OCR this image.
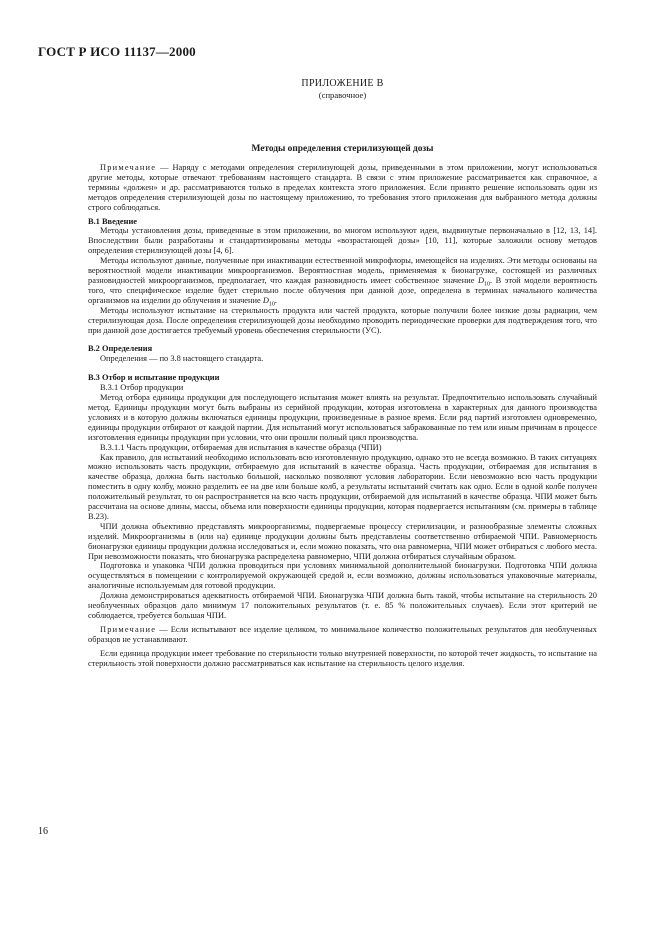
ГОСТ Р ИСО 11137—2000
ПРИЛОЖЕНИЕ В
(справочное)
Методы определения стерилизующей дозы

Примечание — Наряду с методами определения стерилизующей дозы, приведенными в этом приложении, могут использоваться другие методы, которые отвечают требованиям настоящего стандарта. В связи с этим приложение рассматривается как справочное, а термины «должен» и др. рассматриваются только в пределах контекста этого приложения. Если принято решение использовать один из методов определения стерилизующей дозы по настоящему приложению, то требования этого приложения для выбранного метода должны строго соблюдаться.

В.1 Введение

Методы установления дозы, приведенные в этом приложении, во многом используют идеи, выдвинутые первоначально в [12, 13, 14]. Впоследствии были разработаны и стандартизированы методы «возрастающей дозы» [10, 11], которые заложили основу методов определения стерилизующей дозы [4, 6].

Методы используют данные, полученные при инактивации естественной микрофлоры, имеющейся на изделиях. Эти методы основаны на вероятностной модели инактивации микроорганизмов. Вероятностная модель, применяемая к бионагрузке, состоящей из различных разновидностей микроорганизмов, предполагает, что каждая разновидность имеет собственное значение $D_{10}$. В этой модели вероятность того, что специфическое изделие будет стерильно после облучения при данной дозе, определена в терминах начального количества организмов на изделии до облучения и значение $D_{10}$.

Методы используют испытание на стерильность продукта или частей продукта, которые получили более низкие дозы радиации, чем стерилизующая доза. После определения стерилизующей дозы необходимо проводить периодические проверки для подтверждения того, что при данной дозе достигается требуемый уровень обеспечения стерильности (УС).

В.2 Определения

Определения — по 3.8 настоящего стандарта.

В.3 Отбор и испытание продукции

В.3.1 Отбор продукции

Метод отбора единицы продукции для последующего испытания может влиять на результат. Предпочтительно использовать случайный метод. Единицы продукции могут быть выбраны из серийной продукции, которая изготовлена в характерных для данного производства условиях и в которую должны включаться единицы продукции, произведенные в разное время. Если ряд партий изготовлен одновременно, единицы продукции отбирают от каждой партии. Для испытаний могут использоваться забракованные по тем или иным причинам в процессе изготовления единицы продукции при условии, что они прошли полный цикл производства.

В.3.1.1 Часть продукции, отбираемая для испытания в качестве образца (ЧПИ)

Как правило, для испытаний необходимо использовать всю изготовленную продукцию, однако это не всегда возможно. В таких ситуациях можно использовать часть продукции, отбираемую для испытаний в качестве образца. Часть продукции, отбираемая для испытания в качестве образца, должна быть настолько большой, насколько позволяют условия лаборатории. Если невозможно всю часть продукции поместить в одну колбу, можно разделить ее на две или больше колб, а результаты испытаний считать как одно. Если в одной колбе получен положительный результат, то он распространяется на всю часть продукции, отбираемой для испытаний в качестве образца. ЧПИ может быть рассчитана на основе длины, массы, объема или поверхности единицы продукции, которая подвергается испытаниям (см. примеры в таблице В.23).

ЧПИ должна объективно представлять микроорганизмы, подвергаемые процессу стерилизации, и разнообразные элементы сложных изделий. Микроорганизмы в (или на) единице продукции должны быть представлены соответственно отбираемой ЧПИ. Равномерность бионагрузки единицы продукции должна исследоваться и, если можно показать, что она равномерна, ЧПИ может отбираться с любого места. При невозможности показать, что бионагрузка распределена равномерно, ЧПИ должна отбираться случайным образом.

Подготовка и упаковка ЧПИ должна проводиться при условиях минимальной дополнительной бионагрузки. Подготовка ЧПИ должна осуществляться в помещении с контролируемой окружающей средой и, если возможно, должны использоваться упаковочные материалы, аналогичные используемым для готовой продукции.

Должна демонстрироваться адекватность отбираемой ЧПИ. Бионагрузка ЧПИ должна быть такой, чтобы испытание на стерильность 20 необлученных образцов дало минимум 17 положительных результатов (т. е. 85 % положительных случаев). Если этот критерий не соблюдается, требуется большая ЧПИ.

Примечание — Если испытывают все изделие целиком, то минимальное количество положительных результатов для необлученных образцов не устанавливают.

Если единица продукции имеет требование по стерильности только внутренней поверхности, по которой течет жидкость, то испытание на стерильность этой поверхности должно рассматриваться как испытание на стерильность целого изделия.

16
